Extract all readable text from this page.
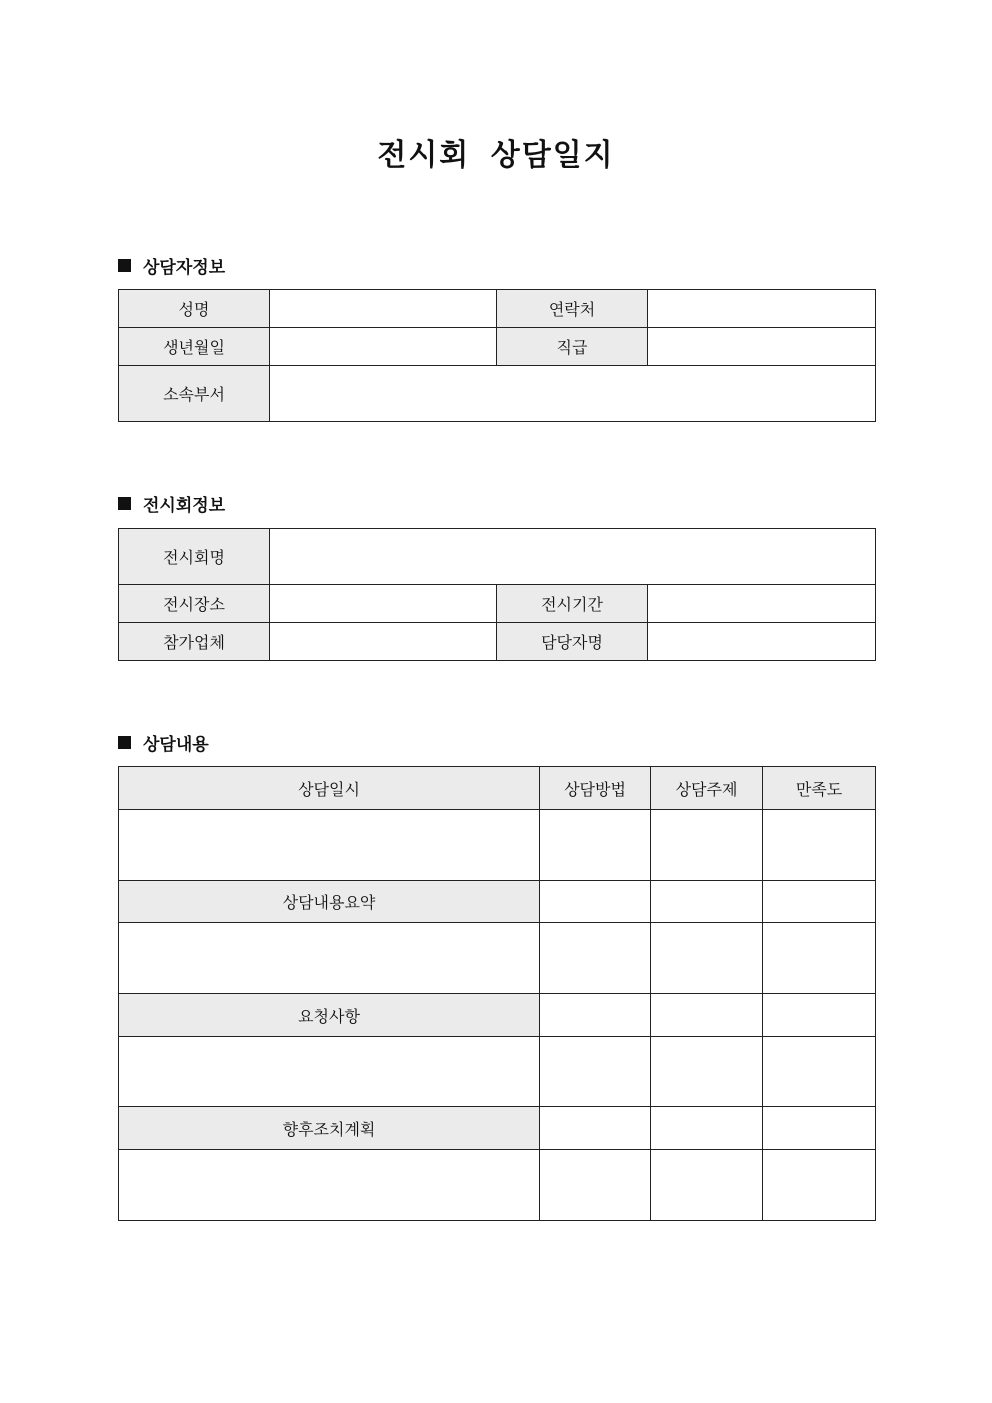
전시회 상담일지
상담자정보
성명		연락처	
생년월일		직급	
소속부서			
전시회정보
전시회명			
전시장소		전시기간	
참가업체		담당자명	
상담내용
상담일시	상담방법	상담주제	만족도

상담내용요약			

요청사항			

향후조치계획			
